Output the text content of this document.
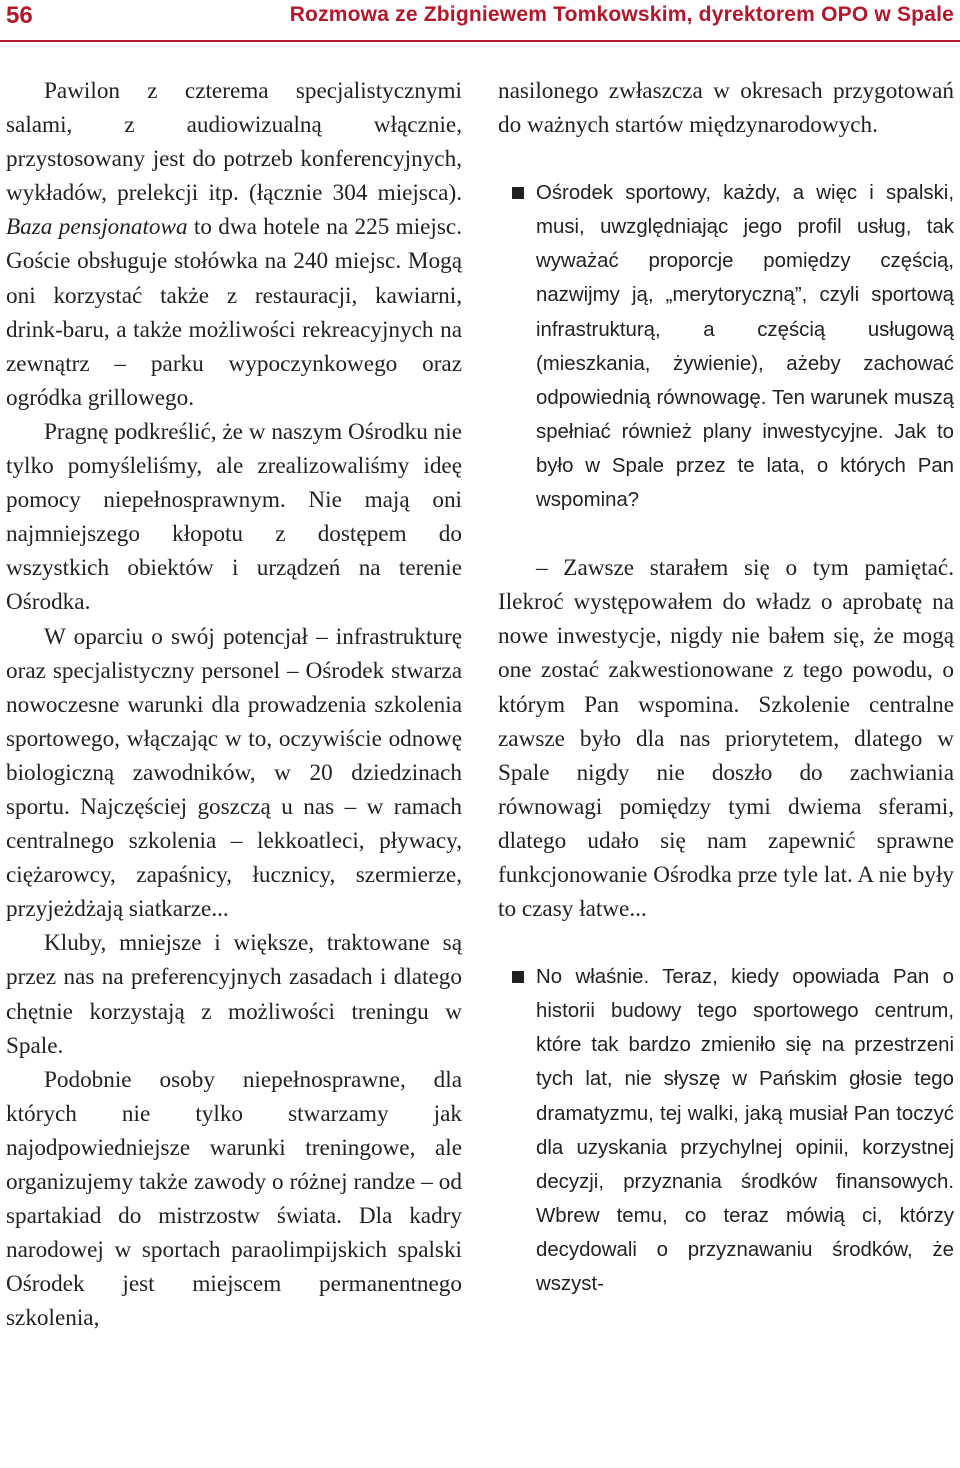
56	Rozmowa ze Zbigniewem Tomkowskim, dyrektorem OPO w Spale

Pawilon z czterema specjalistycznymi salami, z audiowizualną włącznie, przystosowany jest do potrzeb konferencyjnych, wykładów, prelekcji itp. (łącznie 304 miejsca). Baza pensjonatowa to dwa hotele na 225 miejsc. Goście obsługuje stołówka na 240 miejsc. Mogą oni korzystać także z restauracji, kawiarni, drink-baru, a także możliwości rekreacyjnych na zewnątrz – parku wypoczynkowego oraz ogródka grillowego.

Pragnę podkreślić, że w naszym Ośrodku nie tylko pomyśleliśmy, ale zrealizowaliśmy ideę pomocy niepełnosprawnym. Nie mają oni najmniejszego kłopotu z dostępem do wszystkich obiektów i urządzeń na terenie Ośrodka.

W oparciu o swój potencjał – infrastrukturę oraz specjalistyczny personel – Ośrodek stwarza nowoczesne warunki dla prowadzenia szkolenia sportowego, włączając w to, oczywiście odnowę biologiczną zawodników, w 20 dziedzinach sportu. Najczęściej goszczą u nas – w ramach centralnego szkolenia – lekkoatleci, pływacy, ciężarowcy, zapaśnicy, łucznicy, szermierze, przyjeżdżają siatkarze...

Kluby, mniejsze i większe, traktowane są przez nas na preferencyjnych zasadach i dlatego chętnie korzystają z możliwości treningu w Spale.

Podobnie osoby niepełnosprawne, dla których nie tylko stwarzamy jak najodpowiedniejsze warunki treningowe, ale organizujemy także zawody o różnej randze – od spartakiad do mistrzostw świata. Dla kadry narodowej w sportach paraolimpijskich spalski Ośrodek jest miejscem permanentnego szkolenia,

nasilonego zwłaszcza w okresach przygotowań do ważnych startów międzynarodowych.

Ośrodek sportowy, każdy, a więc i spalski, musi, uwzględniając jego profil usług, tak wyważać proporcje pomiędzy częścią, nazwijmy ją, „merytoryczną”, czyli sportową infrastrukturą, a częścią usługową (mieszkania, żywienie), ażeby zachować odpowiednią równowagę. Ten warunek muszą spełniać również plany inwestycyjne. Jak to było w Spale przez te lata, o których Pan wspomina?

– Zawsze starałem się o tym pamiętać. Ilekroć występowałem do władz o aprobatę na nowe inwestycje, nigdy nie bałem się, że mogą one zostać zakwestionowane z tego powodu, o którym Pan wspomina. Szkolenie centralne zawsze było dla nas priorytetem, dlatego w Spale nigdy nie doszło do zachwiania równowagi pomiędzy tymi dwiema sferami, dlatego udało się nam zapewnić sprawne funkcjonowanie Ośrodka prze tyle lat. A nie były to czasy łatwe...

No właśnie. Teraz, kiedy opowiada Pan o historii budowy tego sportowego centrum, które tak bardzo zmieniło się na przestrzeni tych lat, nie słyszę w Pańskim głosie tego dramatyzmu, tej walki, jaką musiał Pan toczyć dla uzyskania przychylnej opinii, korzystnej decyzji, przyznania środków finansowych. Wbrew temu, co teraz mówią ci, którzy decydowali o przyznawaniu środków, że wszyst-
